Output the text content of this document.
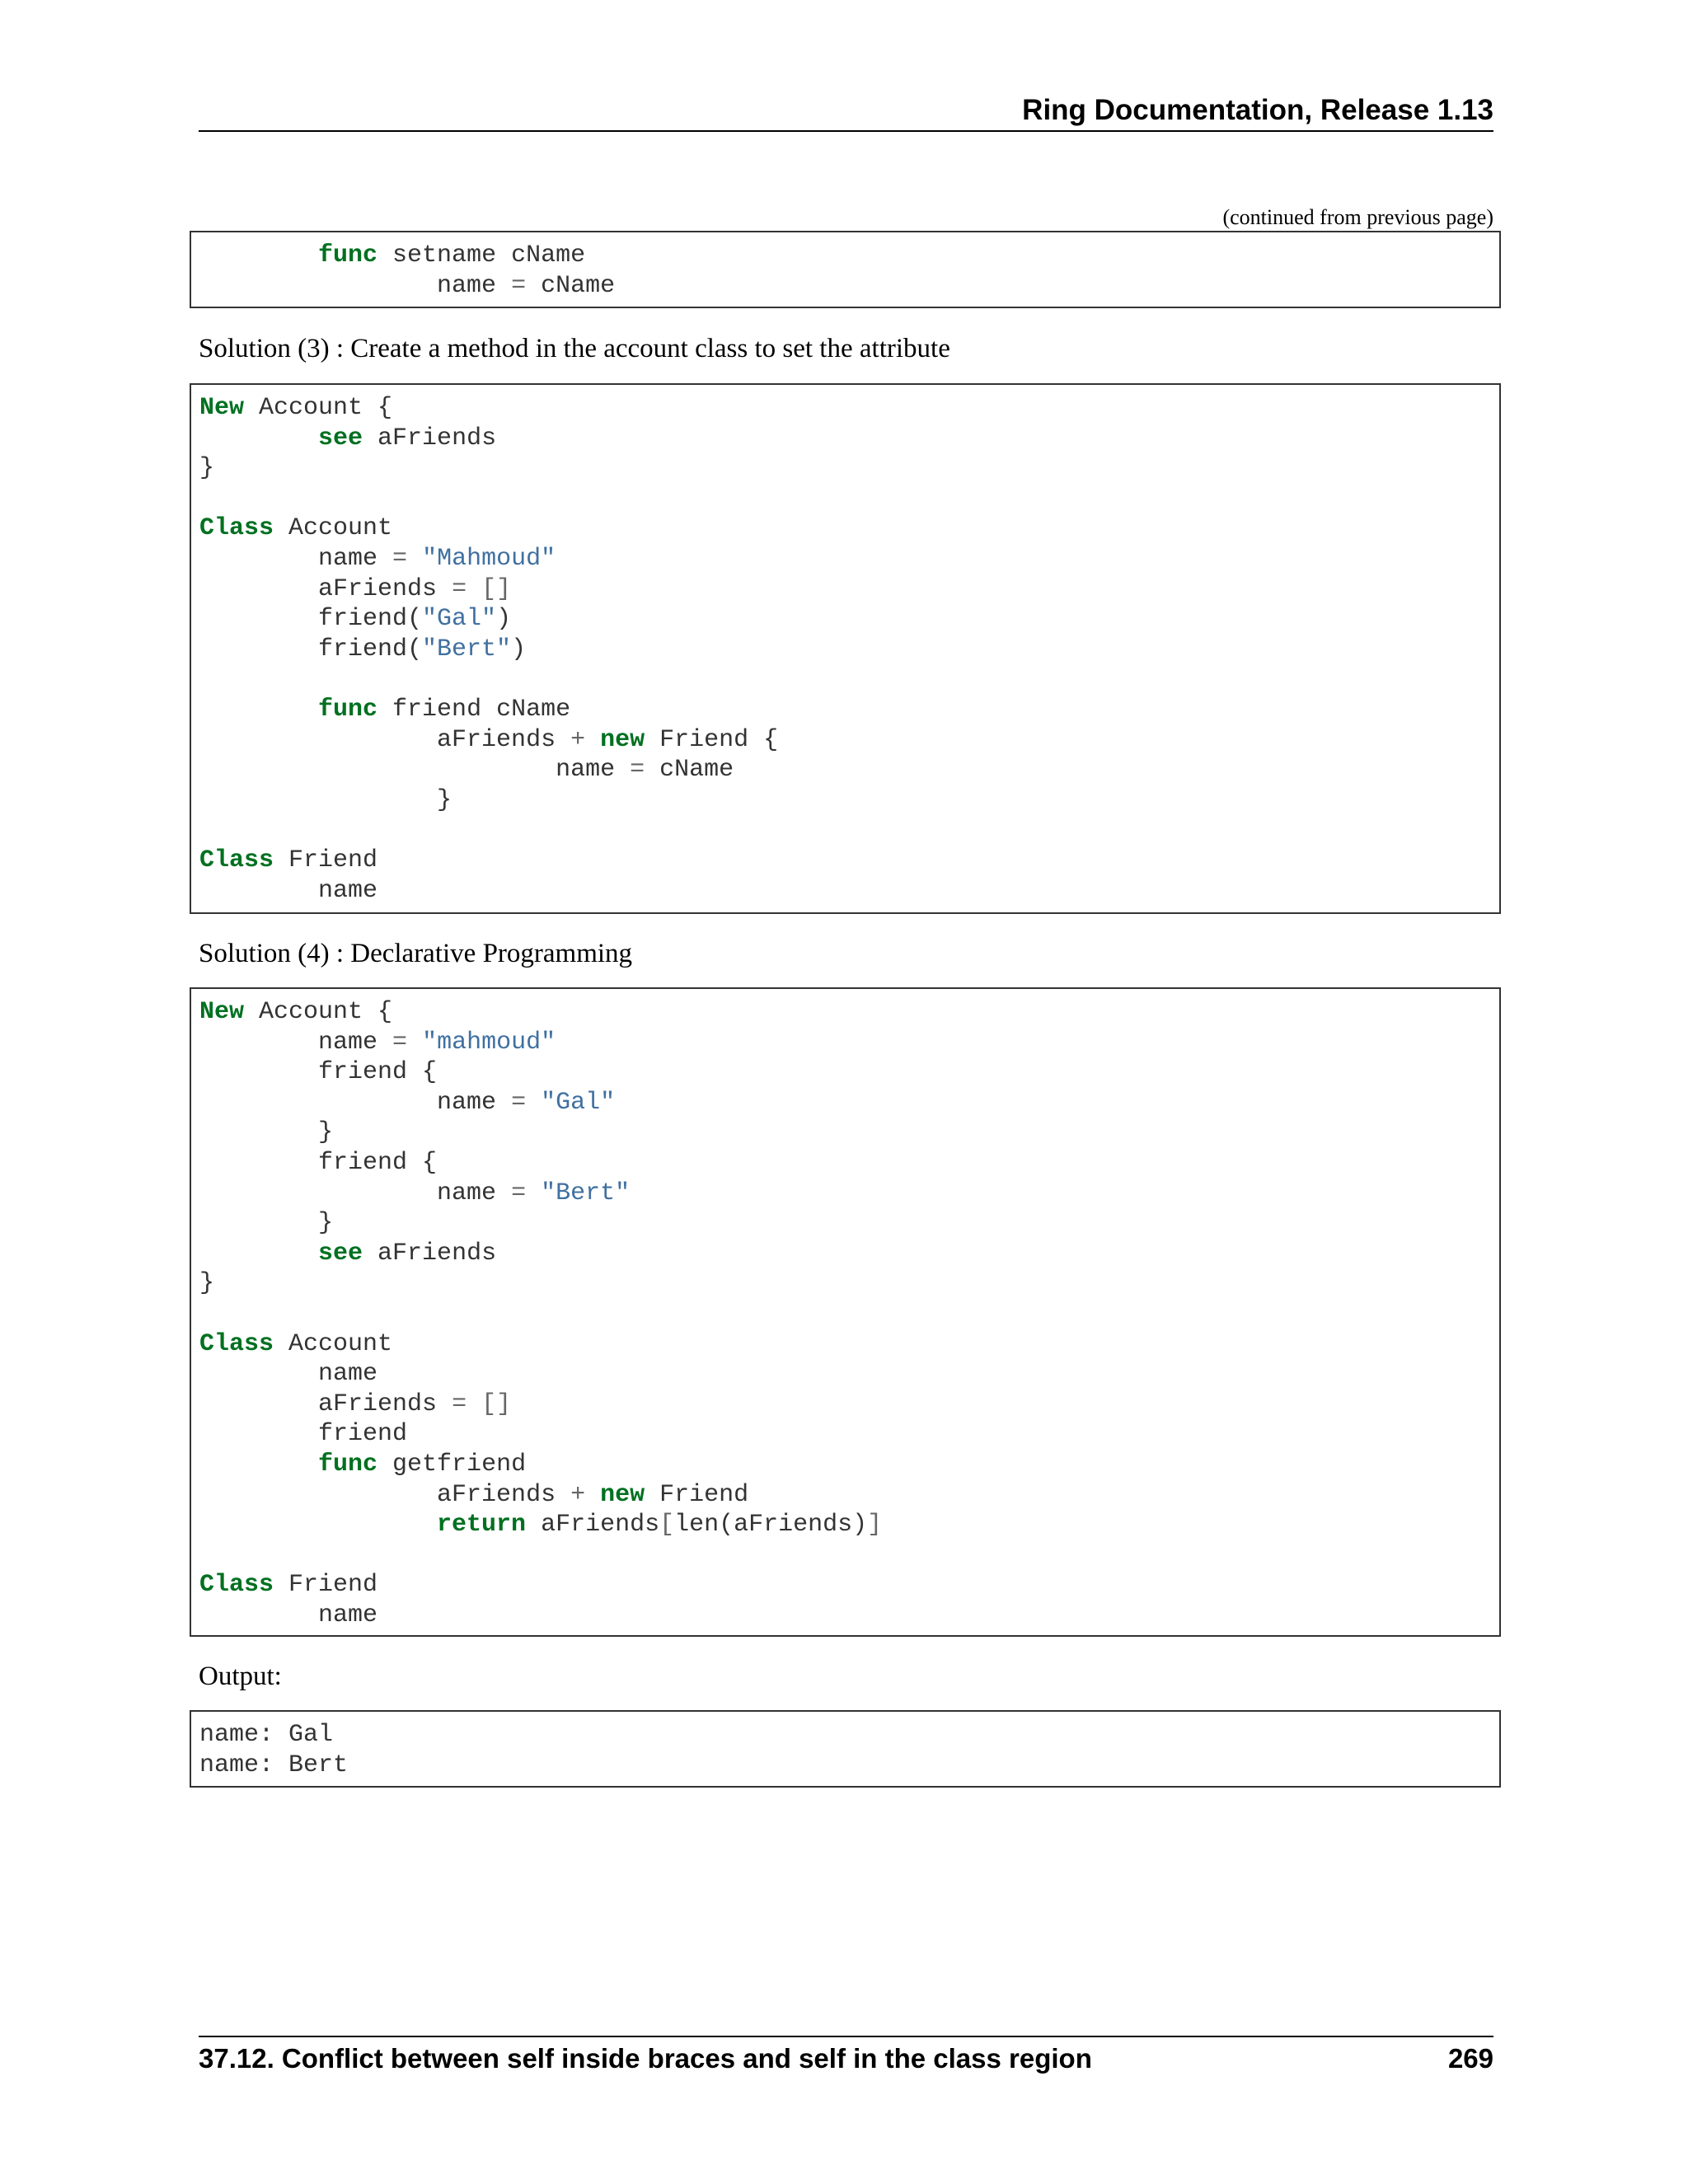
Ring Documentation, Release 1.13
(continued from previous page)
func setname cName
name = cName
Solution (3) : Create a method in the account class to set the attribute
New Account {
see aFriends
}

Class Account
name = "Mahmoud"
aFriends = []
friend("Gal")
friend("Bert")

func friend cName
aFriends + new Friend {
name = cName
}

Class Friend
name
Solution (4) : Declarative Programming
New Account {
name = "mahmoud"
friend {
name = "Gal"
}
friend {
name = "Bert"
}
see aFriends
}

Class Account
name
aFriends = []
friend
func getfriend
aFriends + new Friend
return aFriends[len(aFriends)]

Class Friend
name
Output:
name: Gal
name: Bert
37.12. Conflict between self inside braces and self in the class region	269
